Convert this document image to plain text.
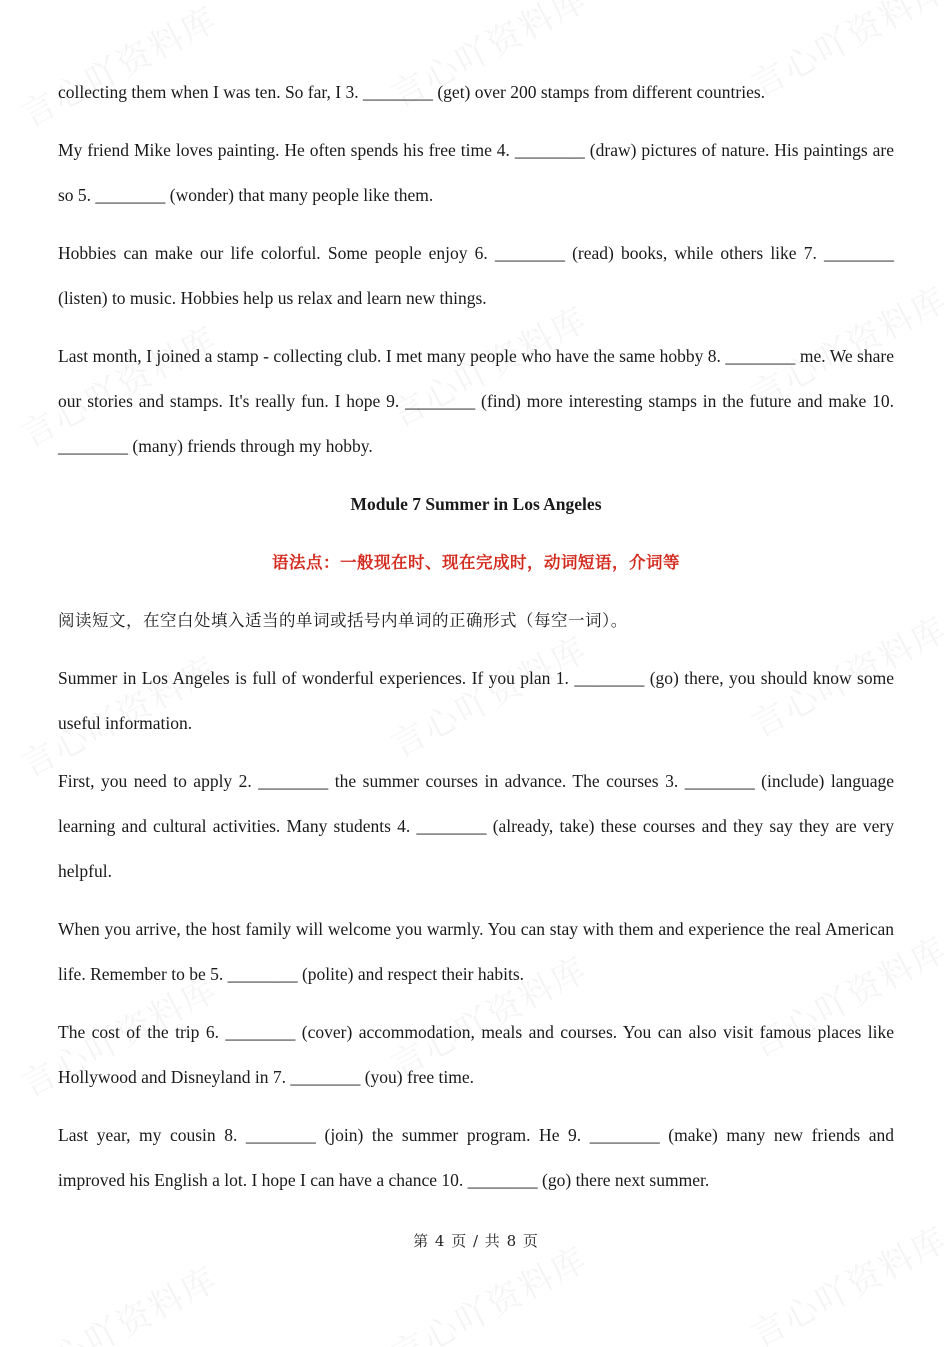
collecting them when I was ten. So far, I 3. ________ (get) over 200 stamps from different countries.

My friend Mike loves painting. He often spends his free time 4. ________ (draw) pictures of nature. His paintings are so 5. ________ (wonder) that many people like them.

Hobbies can make our life colorful. Some people enjoy 6. ________ (read) books, while others like 7. ________ (listen) to music. Hobbies help us relax and learn new things.

Last month, I joined a stamp - collecting club. I met many people who have the same hobby 8. ________ me. We share our stories and stamps. It's really fun. I hope 9. ________ (find) more interesting stamps in the future and make 10. ________ (many) friends through my hobby.

Module 7 Summer in Los Angeles
语法点：一般现在时、现在完成时，动词短语，介词等
阅读短文，在空白处填入适当的单词或括号内单词的正确形式（每空一词）。

Summer in Los Angeles is full of wonderful experiences. If you plan 1. ________ (go) there, you should know some useful information.

First, you need to apply 2. ________ the summer courses in advance. The courses 3. ________ (include) language learning and cultural activities. Many students 4. ________ (already, take) these courses and they say they are very helpful.

When you arrive, the host family will welcome you warmly. You can stay with them and experience the real American life. Remember to be 5. ________ (polite) and respect their habits.

The cost of the trip 6. ________ (cover) accommodation, meals and courses. You can also visit famous places like Hollywood and Disneyland in 7. ________ (you) free time.

Last year, my cousin 8. ________ (join) the summer program. He 9. ________ (make) many new friends and improved his English a lot. I hope I can have a chance 10. ________ (go) there next summer.

第 4 页 / 共 8 页
